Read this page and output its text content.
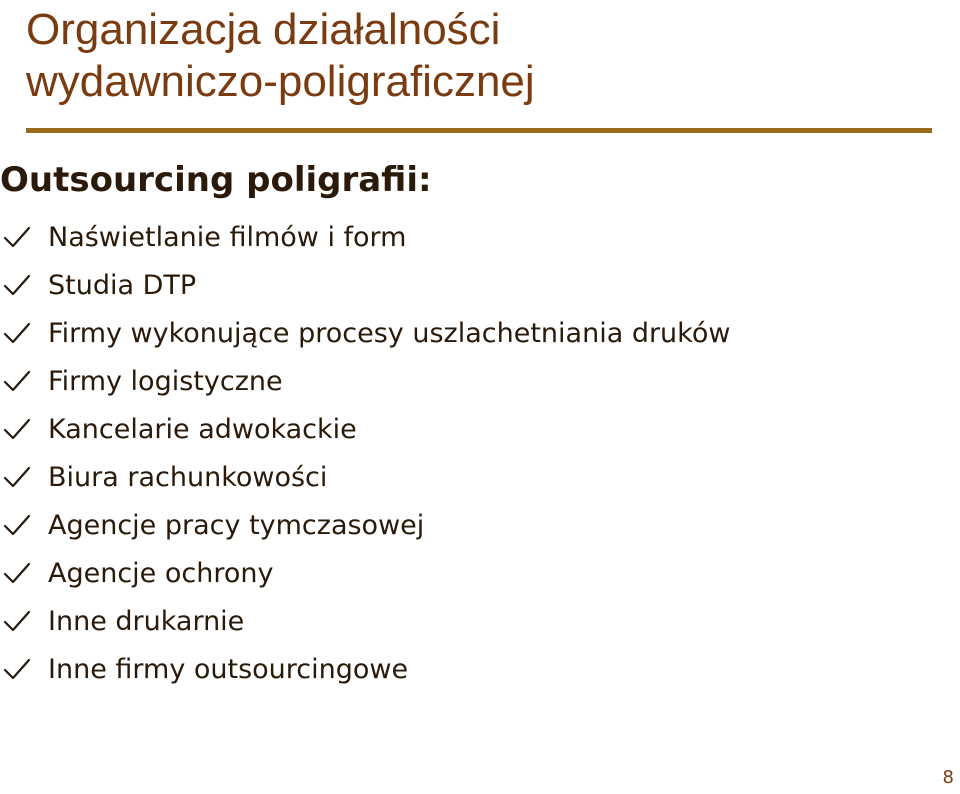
Organizacja działalności
wydawniczo-poligraficznej
Outsourcing poligrafii:
Naświetlanie filmów i form
Studia DTP
Firmy wykonujące procesy uszlachetniania druków
Firmy logistyczne
Kancelarie adwokackie
Biura rachunkowości
Agencje pracy tymczasowej
Agencje ochrony
Inne drukarnie
Inne firmy outsourcingowe
8
